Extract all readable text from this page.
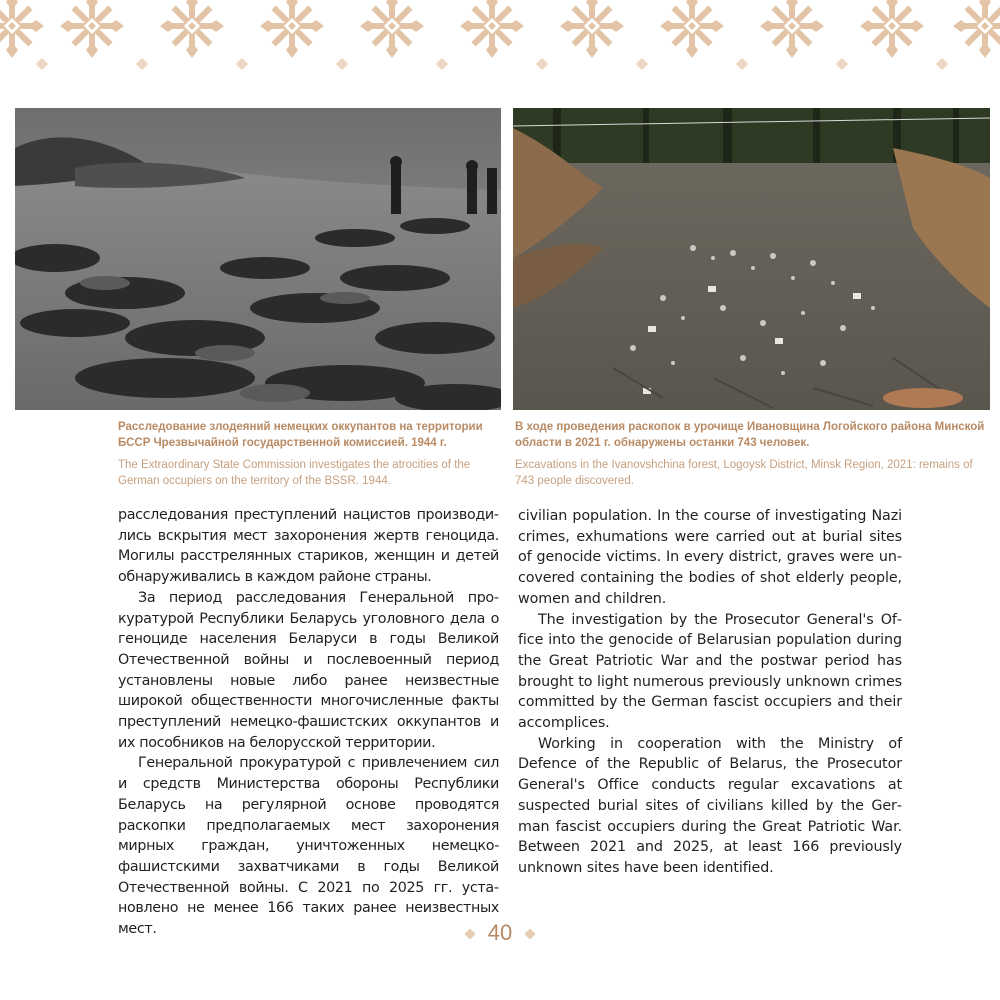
Расследование злодеяний немецких оккупантов на территории БССР Чрезвычайной государственной комиссией. 1944 г.
The Extraordinary State Commission investigates the atrocities of the German occupiers on the territory of the BSSR. 1944.
В ходе проведения раскопок в урочище Ивановщина Логойского района Минской области в 2021 г. обнаружены останки 743 человек.
Excavations in the Ivanovshchina forest, Logoysk District, Minsk Region, 2021: remains of 743 people discovered.

расследования преступлений нацистов производились вскрытия мест захоронения жертв геноцида. Могилы расстрелянных стариков, женщин и детей обнаруживались в каждом районе страны.

За период расследования Генеральной прокуратурой Республики Беларусь уголовного дела о геноциде населения Беларуси в годы Великой Отечественной войны и послевоенный период установлены новые либо ранее неизвестные широкой общественности многочисленные факты преступлений немецко-фашистских оккупантов и их пособников на белорусской территории.

Генеральной прокуратурой с привлечением сил и средств Министерства обороны Республики Беларусь на регулярной основе проводятся раскопки предполагаемых мест захоронения мирных граждан, уничтоженных немецко-фашистскими захватчиками в годы Великой Отечественной войны. С 2021 по 2025 гг. установлено не менее 166 таких ранее неизвестных мест.

civilian population. In the course of investigating Nazi crimes, exhumations were carried out at burial sites of genocide victims. In every district, graves were uncovered containing the bodies of shot elderly people, women and children.

The investigation by the Prosecutor General's Office into the genocide of Belarusian population during the Great Patriotic War and the postwar period has brought to light numerous previously unknown crimes committed by the German fascist occupiers and their accomplices.

Working in cooperation with the Ministry of Defence of the Republic of Belarus, the Prosecutor General's Office conducts regular excavations at suspected burial sites of civilians killed by the German fascist occupiers during the Great Patriotic War. Between 2021 and 2025, at least 166 previously unknown sites have been identified.

40
